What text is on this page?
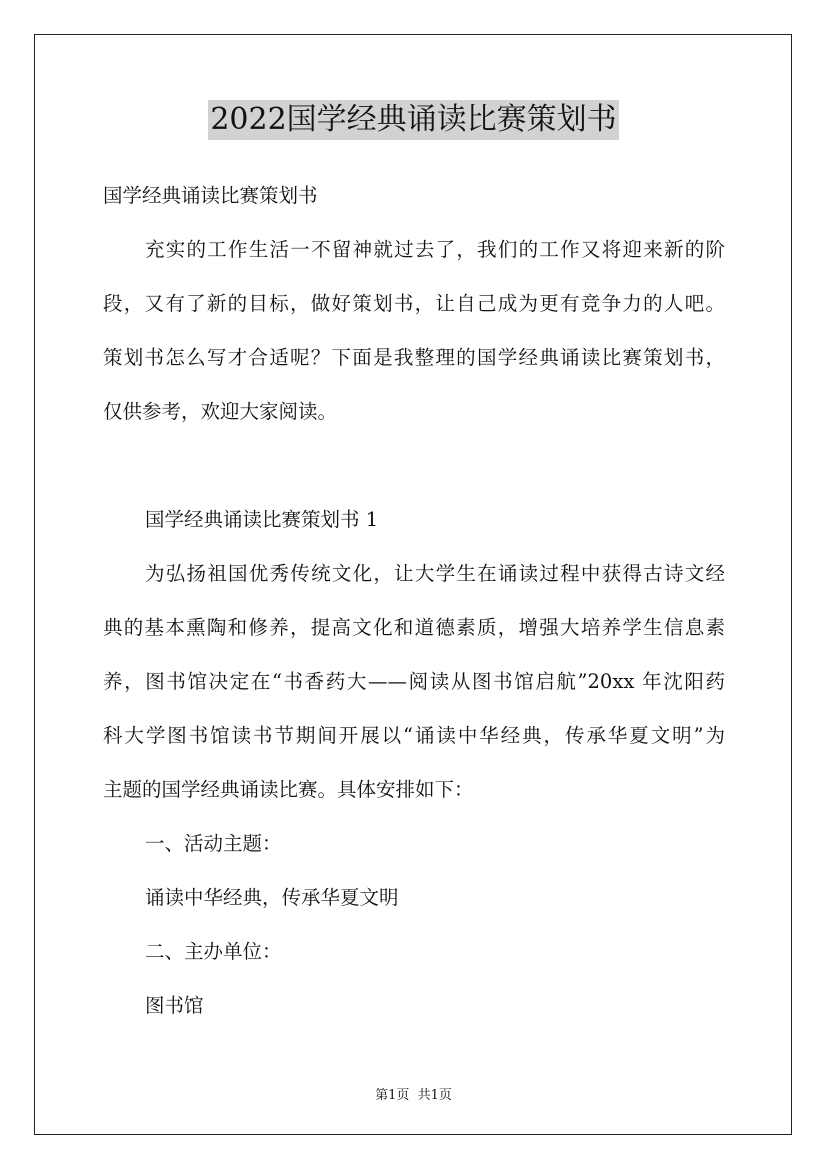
2022国学经典诵读比赛策划书
国学经典诵读比赛策划书
充实的工作生活一不留神就过去了，我们的工作又将迎来新的阶
段，又有了新的目标，做好策划书，让自己成为更有竞争力的人吧。
策划书怎么写才合适呢？下面是我整理的国学经典诵读比赛策划书，
仅供参考，欢迎大家阅读。
国学经典诵读比赛策划书 1
为弘扬祖国优秀传统文化，让大学生在诵读过程中获得古诗文经
典的基本熏陶和修养，提高文化和道德素质，增强大培养学生信息素
养，图书馆决定在“书香药大——阅读从图书馆启航”20xx 年沈阳药
科大学图书馆读书节期间开展以“诵读中华经典，传承华夏文明”为
主题的国学经典诵读比赛。具体安排如下：
一、活动主题：
诵读中华经典，传承华夏文明
二、主办单位：
图书馆
第1页  共1页
